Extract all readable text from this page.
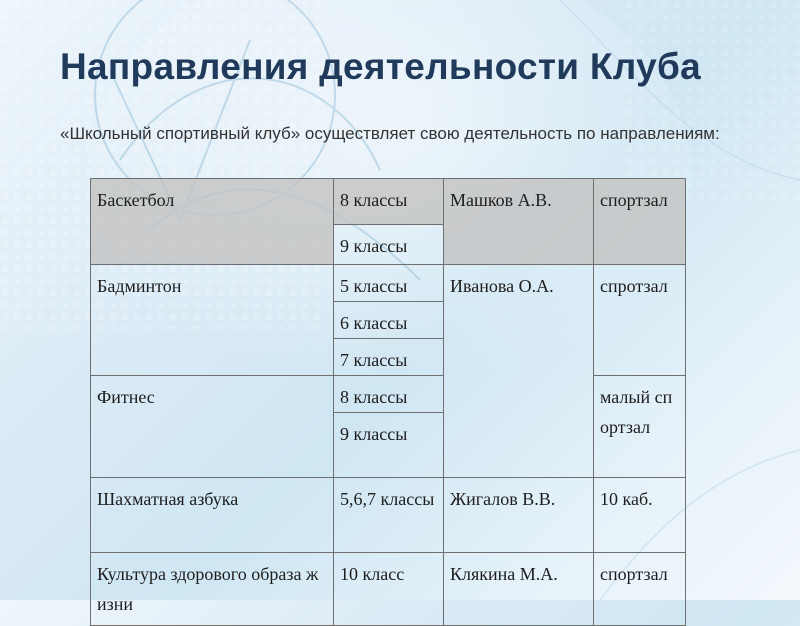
Направления деятельности Клуба

«Школьный спортивный клуб» осуществляет свою деятельность по направлениям:

Баскетбол	8 классы	Машков А.В.	спортзал
	9 классы		
Бадминтон	5 классы	Иванова О.А.	спротзал
	6 классы		
	7 классы		
Фитнес	8 классы		малый спортзал
	9 классы		
Шахматная азбука	5,6,7 классы	Жигалов В.В.	10 каб.
Культура здорового образа жизни	10 класс	Клякина М.А.	спортзал
